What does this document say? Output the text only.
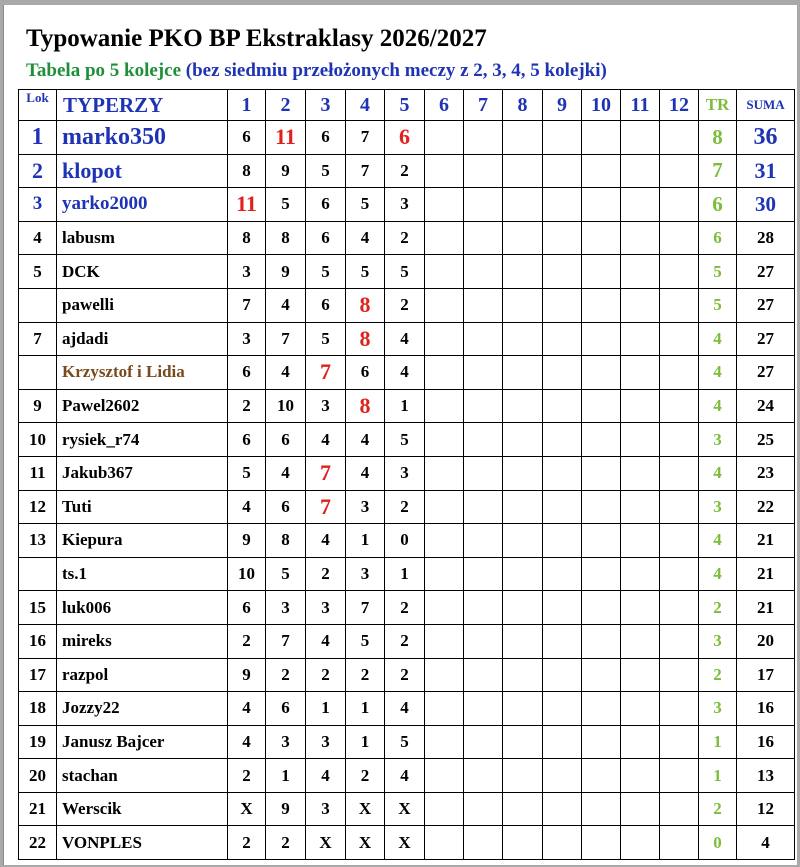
Typowanie PKO BP Ekstraklasy 2026/2027
Tabela po 5 kolejce (bez siedmiu przełożonych meczy z 2, 3, 4, 5 kolejki)
Lok	TYPERZY	1	2	3	4	5	6	7	8	9	10	11	12	TR	SUMA
1	marko350	6	11	6	7	6								8	36
2	klopot	8	9	5	7	2								7	31
3	yarko2000	11	5	6	5	3								6	30
4	labusm	8	8	6	4	2								6	28
5	DCK	3	9	5	5	5								5	27
	pawelli	7	4	6	8	2								5	27
7	ajdadi	3	7	5	8	4								4	27
	Krzysztof i Lidia	6	4	7	6	4								4	27
9	Pawel2602	2	10	3	8	1								4	24
10	rysiek_r74	6	6	4	4	5								3	25
11	Jakub367	5	4	7	4	3								4	23
12	Tuti	4	6	7	3	2								3	22
13	Kiepura	9	8	4	1	0								4	21
	ts.1	10	5	2	3	1								4	21
15	luk006	6	3	3	7	2								2	21
16	mireks	2	7	4	5	2								3	20
17	razpol	9	2	2	2	2								2	17
18	Jozzy22	4	6	1	1	4								3	16
19	Janusz Bajcer	4	3	3	1	5								1	16
20	stachan	2	1	4	2	4								1	13
21	Werscik	X	9	3	X	X								2	12
22	VONPLES	2	2	X	X	X								0	4
